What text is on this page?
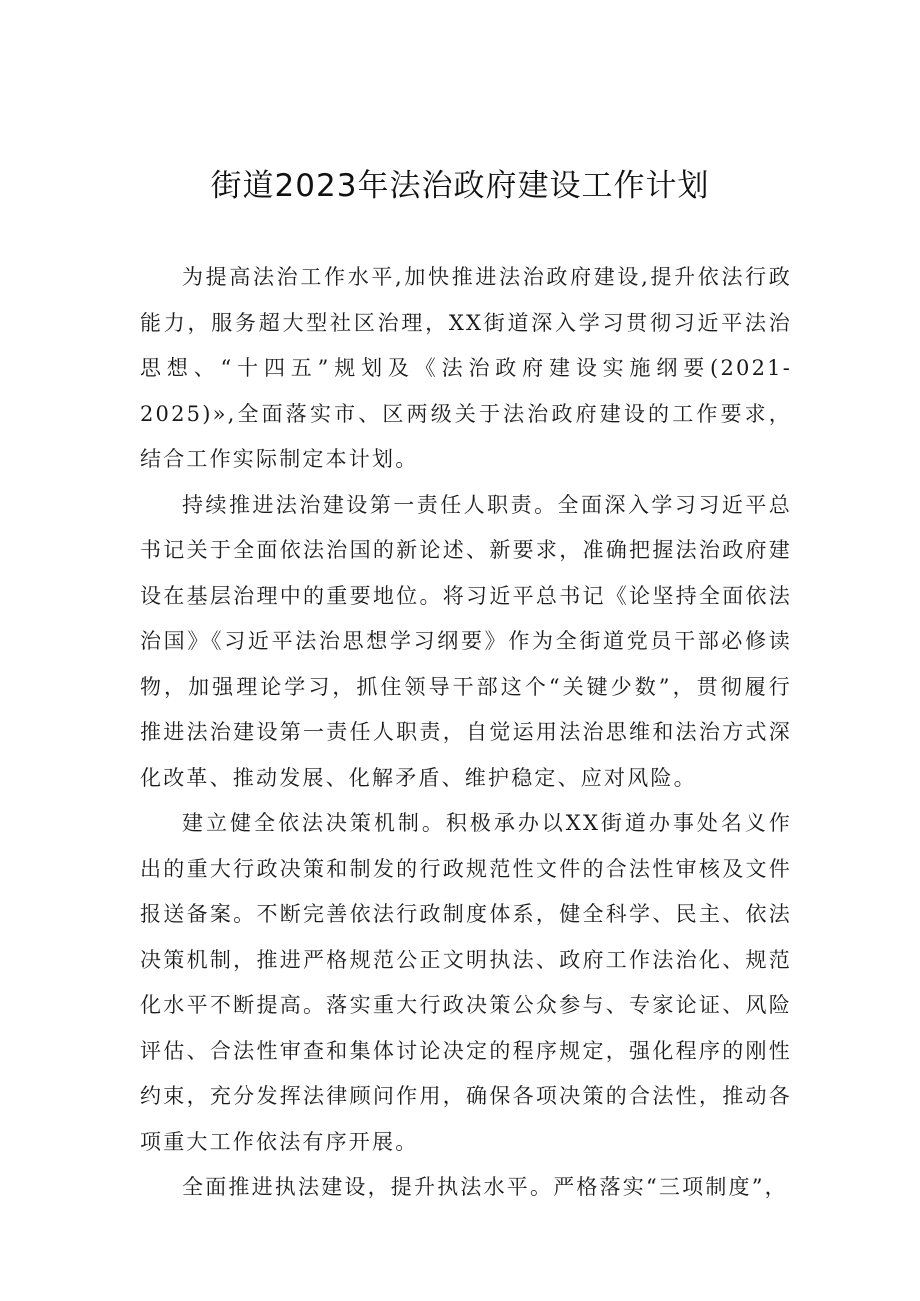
街道2023年法治政府建设工作计划

为提高法治工作水平,加快推进法治政府建设,提升依法行政能力，服务超大型社区治理，XX街道深入学习贯彻习近平法治思想、“十四五”规划及《法治政府建设实施纲要(2021-2025)»,全面落实市、区两级关于法治政府建设的工作要求，结合工作实际制定本计划。

持续推进法治建设第一责任人职责。全面深入学习习近平总书记关于全面依法治国的新论述、新要求，准确把握法治政府建设在基层治理中的重要地位。将习近平总书记《论坚持全面依法治国》《习近平法治思想学习纲要》作为全街道党员干部必修读物，加强理论学习，抓住领导干部这个“关键少数”，贯彻履行推进法治建设第一责任人职责，自觉运用法治思维和法治方式深化改革、推动发展、化解矛盾、维护稳定、应对风险。

建立健全依法决策机制。积极承办以XX街道办事处名义作出的重大行政决策和制发的行政规范性文件的合法性审核及文件报送备案。不断完善依法行政制度体系，健全科学、民主、依法决策机制，推进严格规范公正文明执法、政府工作法治化、规范化水平不断提高。落实重大行政决策公众参与、专家论证、风险评估、合法性审查和集体讨论决定的程序规定，强化程序的刚性约束，充分发挥法律顾问作用，确保各项决策的合法性，推动各项重大工作依法有序开展。

全面推进执法建设，提升执法水平。严格落实“三项制度”，
